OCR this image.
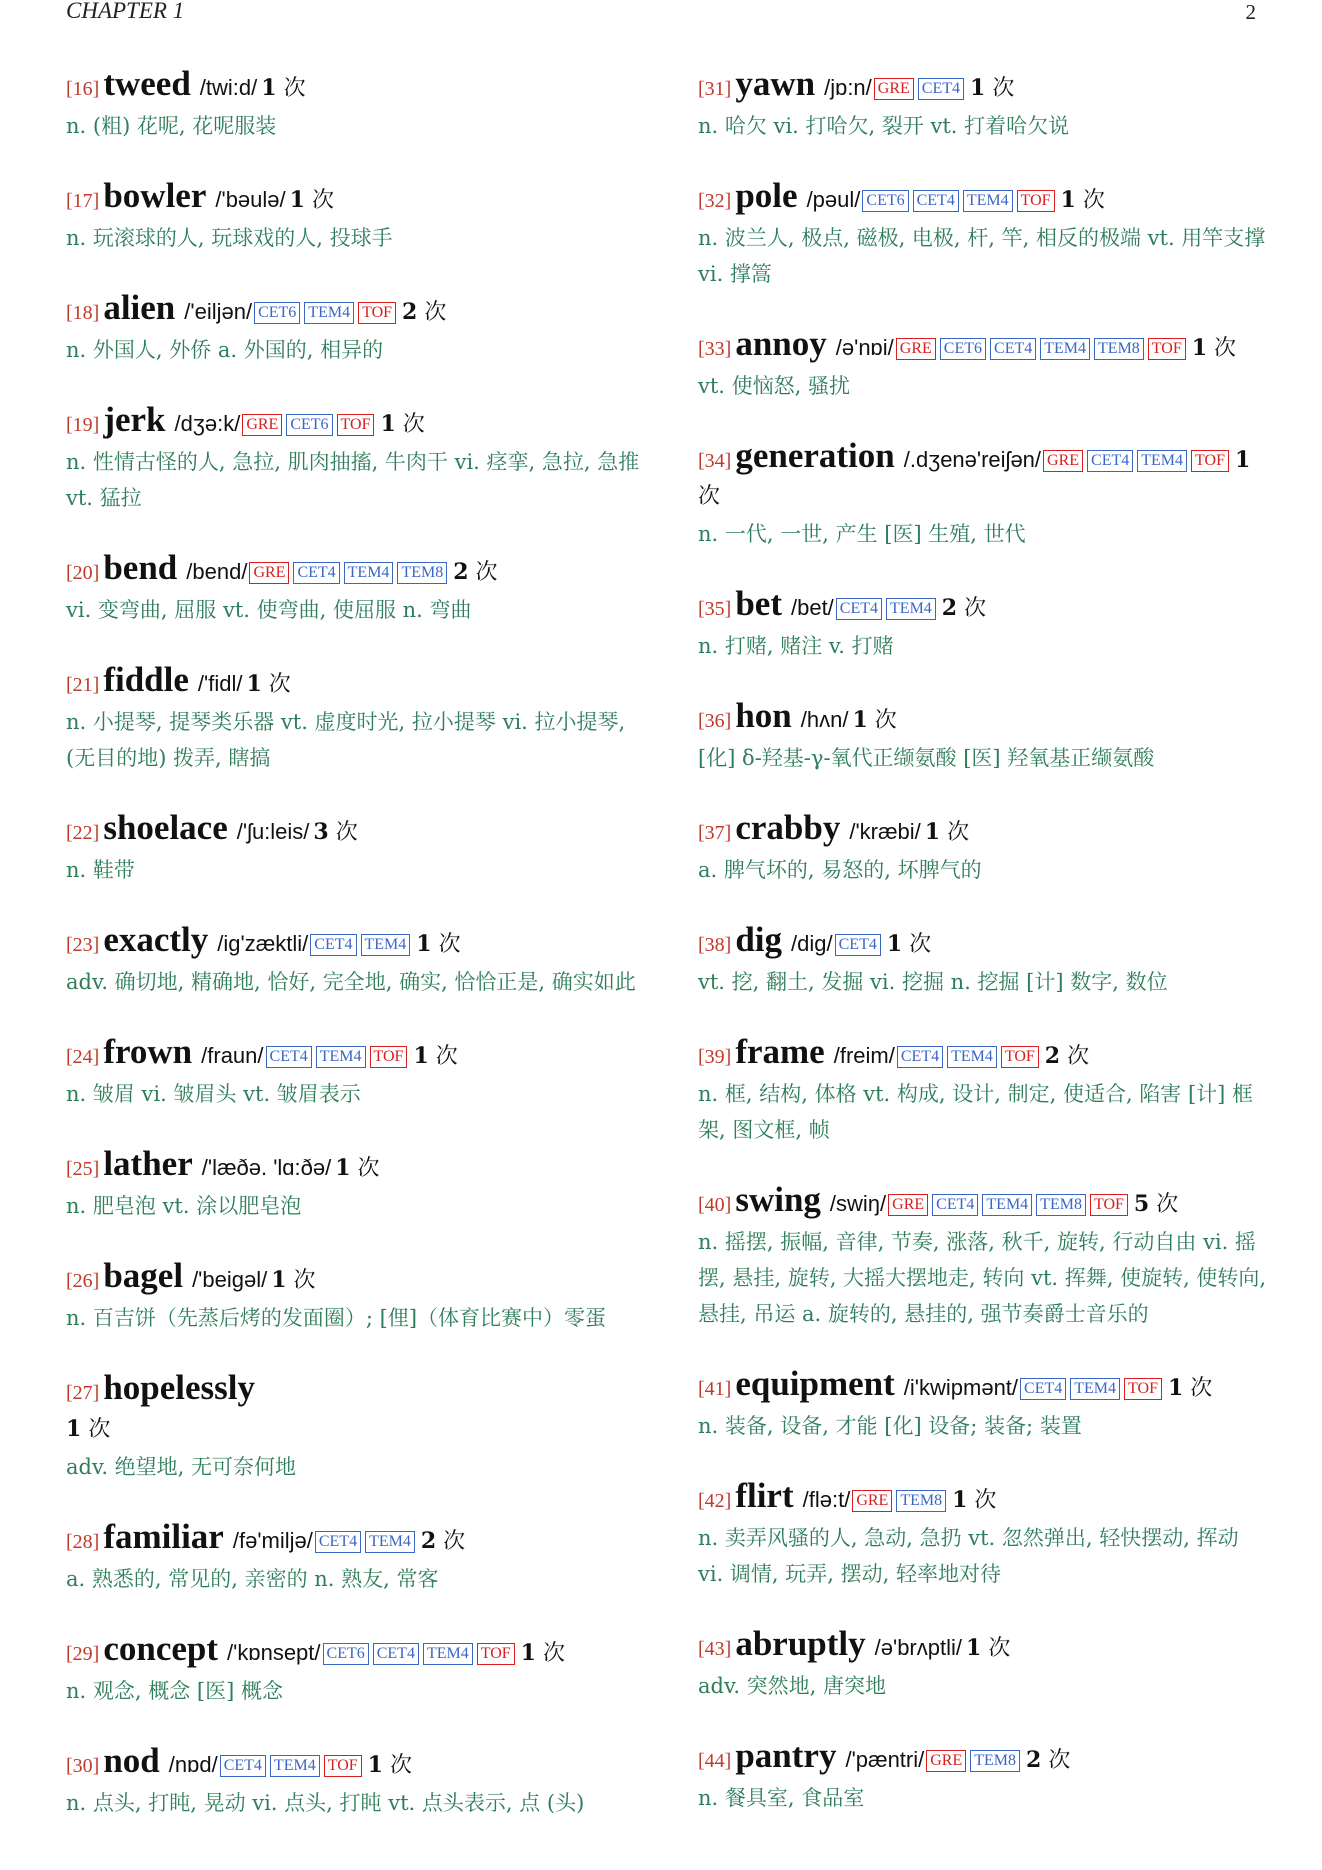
CHAPTER 1	2
[16] tweed /twi:d/ 1 次
n. (粗) 花呢, 花呢服装
[17] bowler /'bəulə/ 1 次
n. 玩滚球的人, 玩球戏的人, 投球手
[18] alien /'eiljən/ CET6 TEM4 TOF 2 次
n. 外国人, 外侨 a. 外国的, 相异的
[19] jerk /dʒə:k/ GRE CET6 TOF 1 次
n. 性情古怪的人, 急拉, 肌肉抽搐, 牛肉干 vi. 痉挛, 急拉, 急推 vt. 猛拉
[20] bend /bend/ GRE CET4 TEM4 TEM8 2 次
vi. 变弯曲, 屈服 vt. 使弯曲, 使屈服 n. 弯曲
[21] fiddle /'fidl/ 1 次
n. 小提琴, 提琴类乐器 vt. 虚度时光, 拉小提琴 vi. 拉小提琴, (无目的地) 拨弄, 瞎搞
[22] shoelace /'ʃu:leis/ 3 次
n. 鞋带
[23] exactly /ig'zæktli/ CET4 TEM4 1 次
adv. 确切地, 精确地, 恰好, 完全地, 确实, 恰恰正是, 确实如此
[24] frown /fraun/ CET4 TEM4 TOF 1 次
n. 皱眉 vi. 皱眉头 vt. 皱眉表示
[25] lather /'læðə. 'lɑ:ðə/ 1 次
n. 肥皂泡 vt. 涂以肥皂泡
[26] bagel /'beigəl/ 1 次
n. 百吉饼（先蒸后烤的发面圈）; [俚]（体育比赛中）零蛋
[27] hopelessly
1 次
adv. 绝望地, 无可奈何地
[28] familiar /fə'miljə/ CET4 TEM4 2 次
a. 熟悉的, 常见的, 亲密的 n. 熟友, 常客
[29] concept /'kɒnsept/ CET6 CET4 TEM4 TOF 1 次
n. 观念, 概念 [医] 概念
[30] nod /nɒd/ CET4 TEM4 TOF 1 次
n. 点头, 打盹, 晃动 vi. 点头, 打盹 vt. 点头表示, 点 (头)
[31] yawn /jɒ:n/ GRE CET4 1 次
n. 哈欠 vi. 打哈欠, 裂开 vt. 打着哈欠说
[32] pole /pəul/ CET6 CET4 TEM4 TOF 1 次
n. 波兰人, 极点, 磁极, 电极, 杆, 竿, 相反的极端 vt. 用竿支撑 vi. 撑篙
[33] annoy /ə'nɒi/ GRE CET6 CET4 TEM4 TEM8 TOF 1 次
vt. 使恼怒, 骚扰
[34] generation /.dʒenə'reiʃən/ GRE CET4 TEM4 TOF 1 次
n. 一代, 一世, 产生 [医] 生殖, 世代
[35] bet /bet/ CET4 TEM4 2 次
n. 打赌, 赌注 v. 打赌
[36] hon /hʌn/ 1 次
[化] δ-羟基-γ-氧代正缬氨酸 [医] 羟氧基正缬氨酸
[37] crabby /'kræbi/ 1 次
a. 脾气坏的, 易怒的, 坏脾气的
[38] dig /dig/ CET4 1 次
vt. 挖, 翻土, 发掘 vi. 挖掘 n. 挖掘 [计] 数字, 数位
[39] frame /freim/ CET4 TEM4 TOF 2 次
n. 框, 结构, 体格 vt. 构成, 设计, 制定, 使适合, 陷害 [计] 框架, 图文框, 帧
[40] swing /swiŋ/ GRE CET4 TEM4 TEM8 TOF 5 次
n. 摇摆, 振幅, 音律, 节奏, 涨落, 秋千, 旋转, 行动自由 vi. 摇摆, 悬挂, 旋转, 大摇大摆地走, 转向 vt. 挥舞, 使旋转, 使转向, 悬挂, 吊运 a. 旋转的, 悬挂的, 强节奏爵士音乐的
[41] equipment /i'kwipmənt/ CET4 TEM4 TOF 1 次
n. 装备, 设备, 才能 [化] 设备; 装备; 装置
[42] flirt /flə:t/ GRE TEM8 1 次
n. 卖弄风骚的人, 急动, 急扔 vt. 忽然弹出, 轻快摆动, 挥动 vi. 调情, 玩弄, 摆动, 轻率地对待
[43] abruptly /ə'brʌptli/ 1 次
adv. 突然地, 唐突地
[44] pantry /'pæntri/ GRE TEM8 2 次
n. 餐具室, 食品室
